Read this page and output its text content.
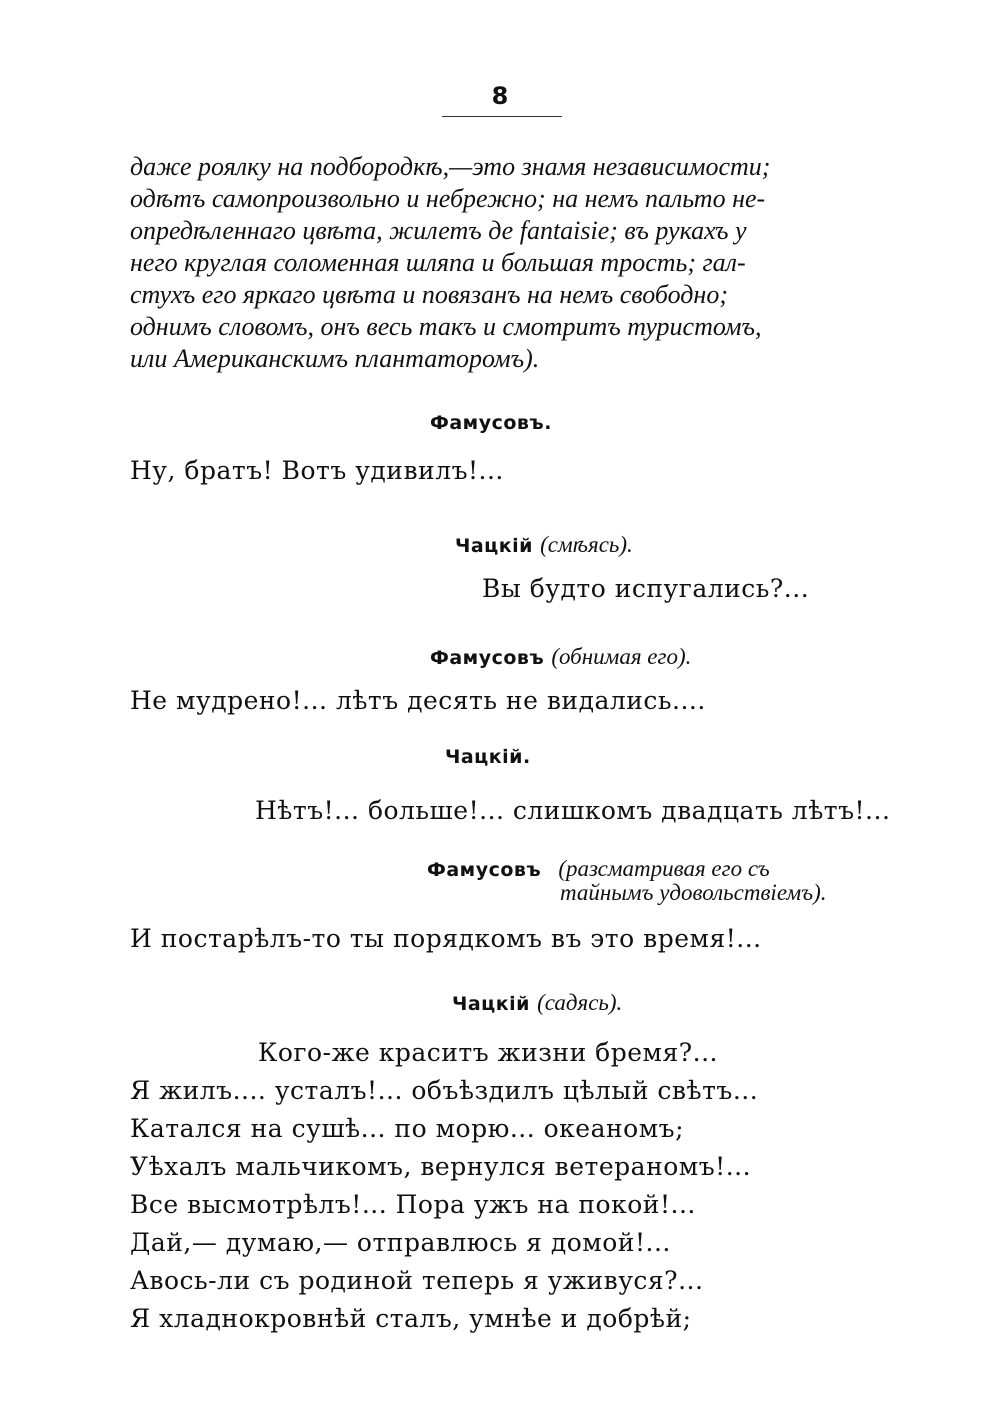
8
даже роялку на подбородкѣ,—это знамя независимости;
одѣтъ самопроизвольно и небрежно; на немъ пальто не-
опредѣленнаго цвѣта, жилетъ де fantaisie; въ рукахъ у
него круглая соломенная шляпа и большая трость; гал-
стухъ его яркаго цвѣта и повязанъ на немъ свободно;
однимъ словомъ, онъ весь такъ и смотритъ туристомъ,
или Американскимъ плантаторомъ).
Фамусовъ.
Ну, братъ! Вотъ удивилъ!...
Чацкій (смѣясь).
Вы будто испугались?...
Фамусовъ (обнимая его).
Не мудрено!... лѣтъ десять не видались....
Чацкій.
Нѣтъ!... больше!... слишкомъ двадцать лѣтъ!...
Фамусовъ (разсматривая его съ
тайнымъ удовольствіемъ).
И постарѣлъ-то ты порядкомъ въ это время!...
Чацкій (садясь).
Кого-же краситъ жизни бремя?...
Я жилъ.... усталъ!... объѣздилъ цѣлый свѣтъ...
Катался на сушѣ... по морю... океаномъ;
Уѣхалъ мальчикомъ, вернулся ветераномъ!...
Все высмотрѣлъ!... Пора ужъ на покой!...
Дай,— думаю,— отправлюсь я домой!...
Авось-ли съ родиной теперь я уживуся?...
Я хладнокровнѣй сталъ, умнѣе и добрѣй;
